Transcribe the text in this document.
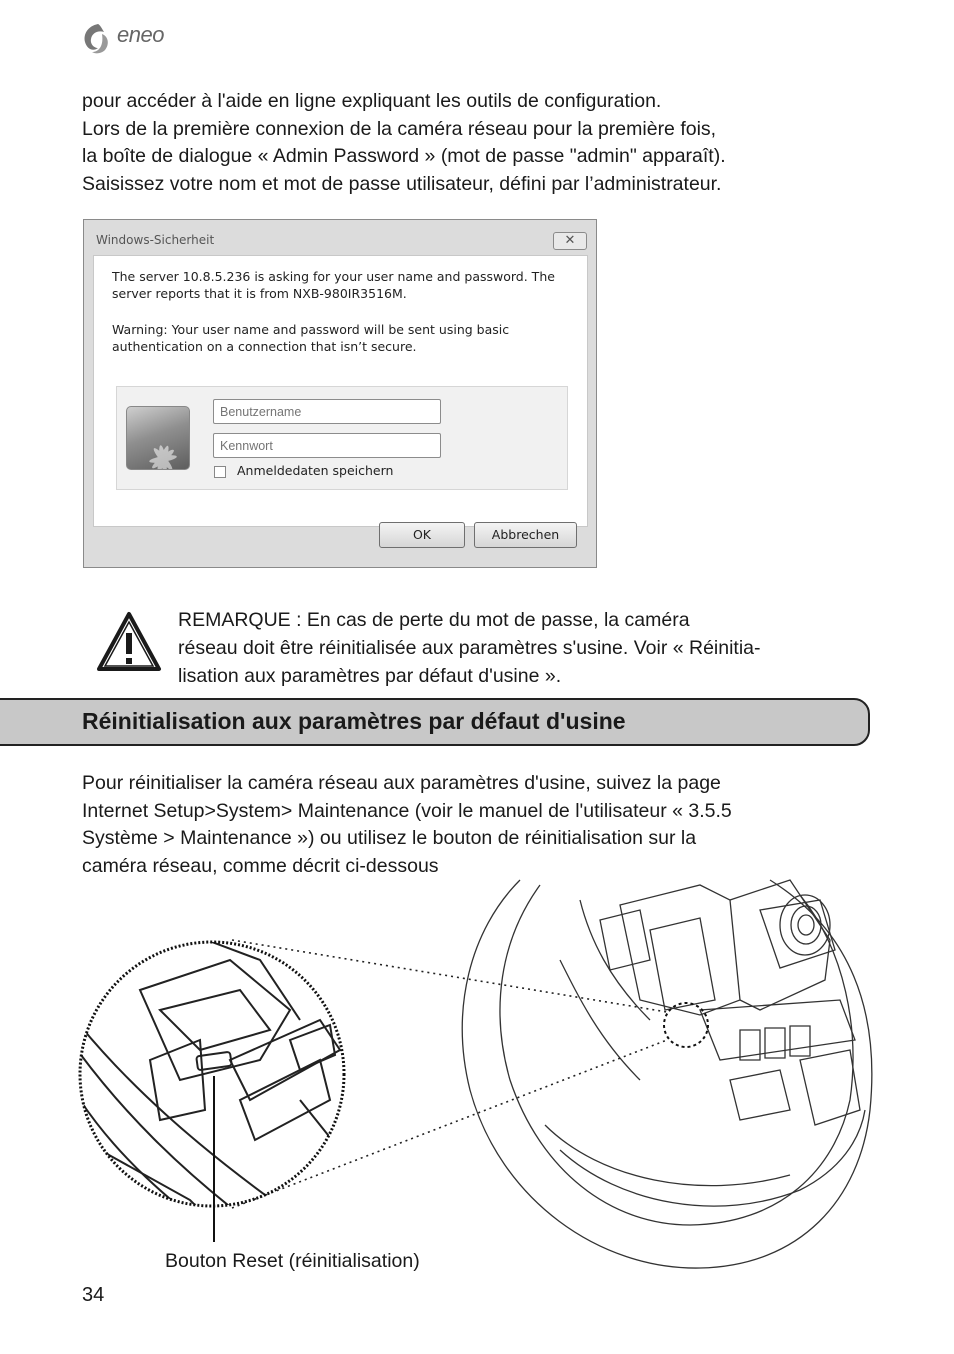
eneo
pour accéder à l'aide en ligne expliquant les outils de configuration.
Lors de la première connexion de la caméra réseau pour la première fois,
la boîte de dialogue « Admin Password » (mot de passe "admin" apparaît).
Saisissez votre nom et mot de passe utilisateur, défini par l’administrateur.
Windows-Sicherheit	✕
The server 10.8.5.236 is asking for your user name and password. The
server reports that it is from NXB-980IR3516M.
Warning: Your user name and password will be sent using basic
authentication on a connection that isn’t secure.
Benutzername
Anmeldedaten speichern
OK	Abbrechen
REMARQUE : En cas de perte du mot de passe, la caméra
réseau doit être réinitialisée aux paramètres s'usine. Voir « Réinitia-
lisation aux paramètres par défaut d'usine ».
Réinitialisation aux paramètres par défaut d'usine
Pour réinitialiser la caméra réseau aux paramètres d'usine, suivez la page
Internet Setup>System> Maintenance (voir le manuel de l'utilisateur « 3.5.5
Système > Maintenance ») ou utilisez le bouton de réinitialisation sur la
caméra réseau, comme décrit ci-dessous
Bouton Reset (réinitialisation)
34
